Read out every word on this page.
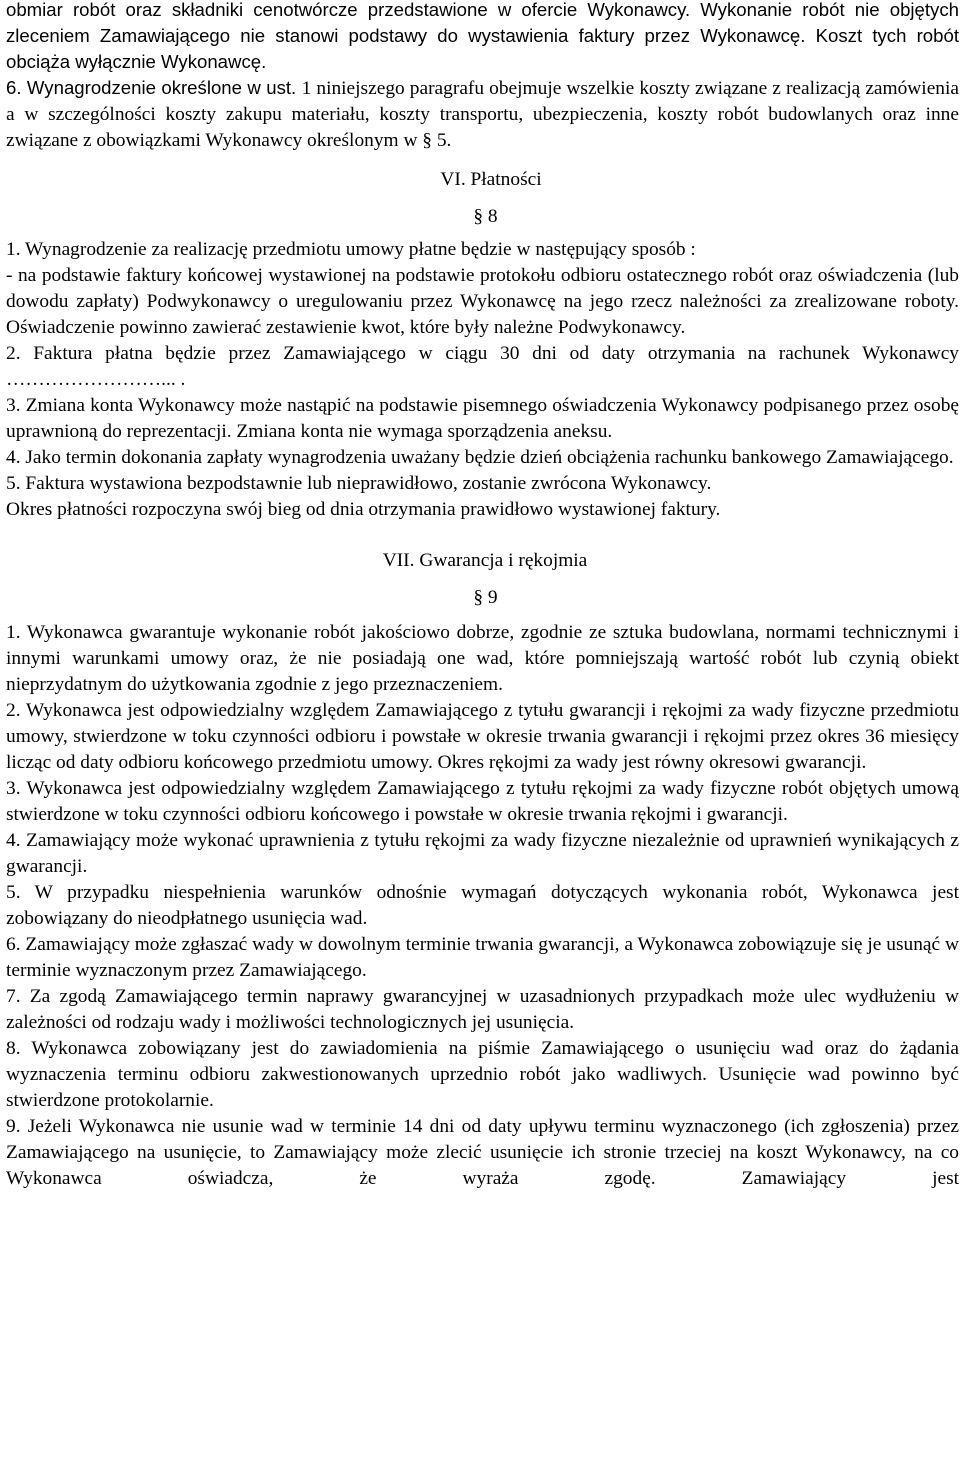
obmiar robót oraz składniki cenotwórcze przedstawione w ofercie Wykonawcy. Wykonanie robót nie objętych zleceniem Zamawiającego nie stanowi podstawy do wystawienia faktury przez Wykonawcę. Koszt tych robót obciąża wyłącznie Wykonawcę.

6. Wynagrodzenie określone w ust. 1 niniejszego paragrafu obejmuje wszelkie koszty związane z realizacją zamówienia a w szczególności koszty zakupu materiału, koszty transportu, ubezpieczenia, koszty robót budowlanych oraz inne związane z obowiązkami Wykonawcy określonym w § 5.

VI. Płatności
§ 8

1. Wynagrodzenie za realizację przedmiotu umowy płatne będzie w następujący sposób :

- na podstawie faktury końcowej wystawionej na podstawie protokołu odbioru ostatecznego robót oraz oświadczenia (lub dowodu zapłaty) Podwykonawcy o uregulowaniu przez Wykonawcę na jego rzecz należności za zrealizowane roboty. Oświadczenie powinno zawierać zestawienie kwot, które były należne Podwykonawcy.

2. Faktura płatna będzie przez Zamawiającego w ciągu 30 dni od daty otrzymania na rachunek Wykonawcy ……………………... .

3. Zmiana konta Wykonawcy może nastąpić na podstawie pisemnego oświadczenia Wykonawcy podpisanego przez osobę uprawnioną do reprezentacji. Zmiana konta nie wymaga sporządzenia aneksu.

4. Jako termin dokonania zapłaty wynagrodzenia uważany będzie dzień obciążenia rachunku bankowego Zamawiającego.

5. Faktura wystawiona bezpodstawnie lub nieprawidłowo, zostanie zwrócona Wykonawcy.

Okres płatności rozpoczyna swój bieg od dnia otrzymania prawidłowo wystawionej faktury.

VII. Gwarancja i rękojmia
§ 9

1. Wykonawca gwarantuje wykonanie robót jakościowo dobrze, zgodnie ze sztuka budowlana, normami technicznymi i innymi warunkami umowy oraz, że nie posiadają one wad, które pomniejszają wartość robót lub czynią obiekt nieprzydatnym do użytkowania zgodnie z jego przeznaczeniem.

2. Wykonawca jest odpowiedzialny względem Zamawiającego z tytułu gwarancji i rękojmi za wady fizyczne przedmiotu umowy, stwierdzone w toku czynności odbioru i powstałe w okresie trwania gwarancji i rękojmi przez okres 36 miesięcy licząc od daty odbioru końcowego przedmiotu umowy. Okres rękojmi za wady jest równy okresowi gwarancji.

3. Wykonawca jest odpowiedzialny względem Zamawiającego z tytułu rękojmi za wady fizyczne robót objętych umową stwierdzone w toku czynności odbioru końcowego i powstałe w okresie trwania rękojmi i gwarancji.

4. Zamawiający może wykonać uprawnienia z tytułu rękojmi za wady fizyczne niezależnie od uprawnień wynikających z gwarancji.

5. W przypadku niespełnienia warunków odnośnie wymagań dotyczących wykonania robót, Wykonawca jest zobowiązany do nieodpłatnego usunięcia wad.

6. Zamawiający może zgłaszać wady w dowolnym terminie trwania gwarancji, a Wykonawca zobowiązuje się je usunąć w terminie wyznaczonym przez Zamawiającego.

7. Za zgodą Zamawiającego termin naprawy gwarancyjnej w uzasadnionych przypadkach może ulec wydłużeniu w zależności od rodzaju wady i możliwości technologicznych jej usunięcia.

8. Wykonawca zobowiązany jest do zawiadomienia na piśmie Zamawiającego o usunięciu wad oraz do żądania wyznaczenia terminu odbioru zakwestionowanych uprzednio robót jako wadliwych. Usunięcie wad powinno być stwierdzone protokolarnie.

9. Jeżeli Wykonawca nie usunie wad w terminie 14 dni od daty upływu terminu wyznaczonego (ich zgłoszenia) przez Zamawiającego na usunięcie, to Zamawiający może zlecić usunięcie ich stronie trzeciej na koszt Wykonawcy, na co Wykonawca oświadcza, że wyraża zgodę. Zamawiający jest
